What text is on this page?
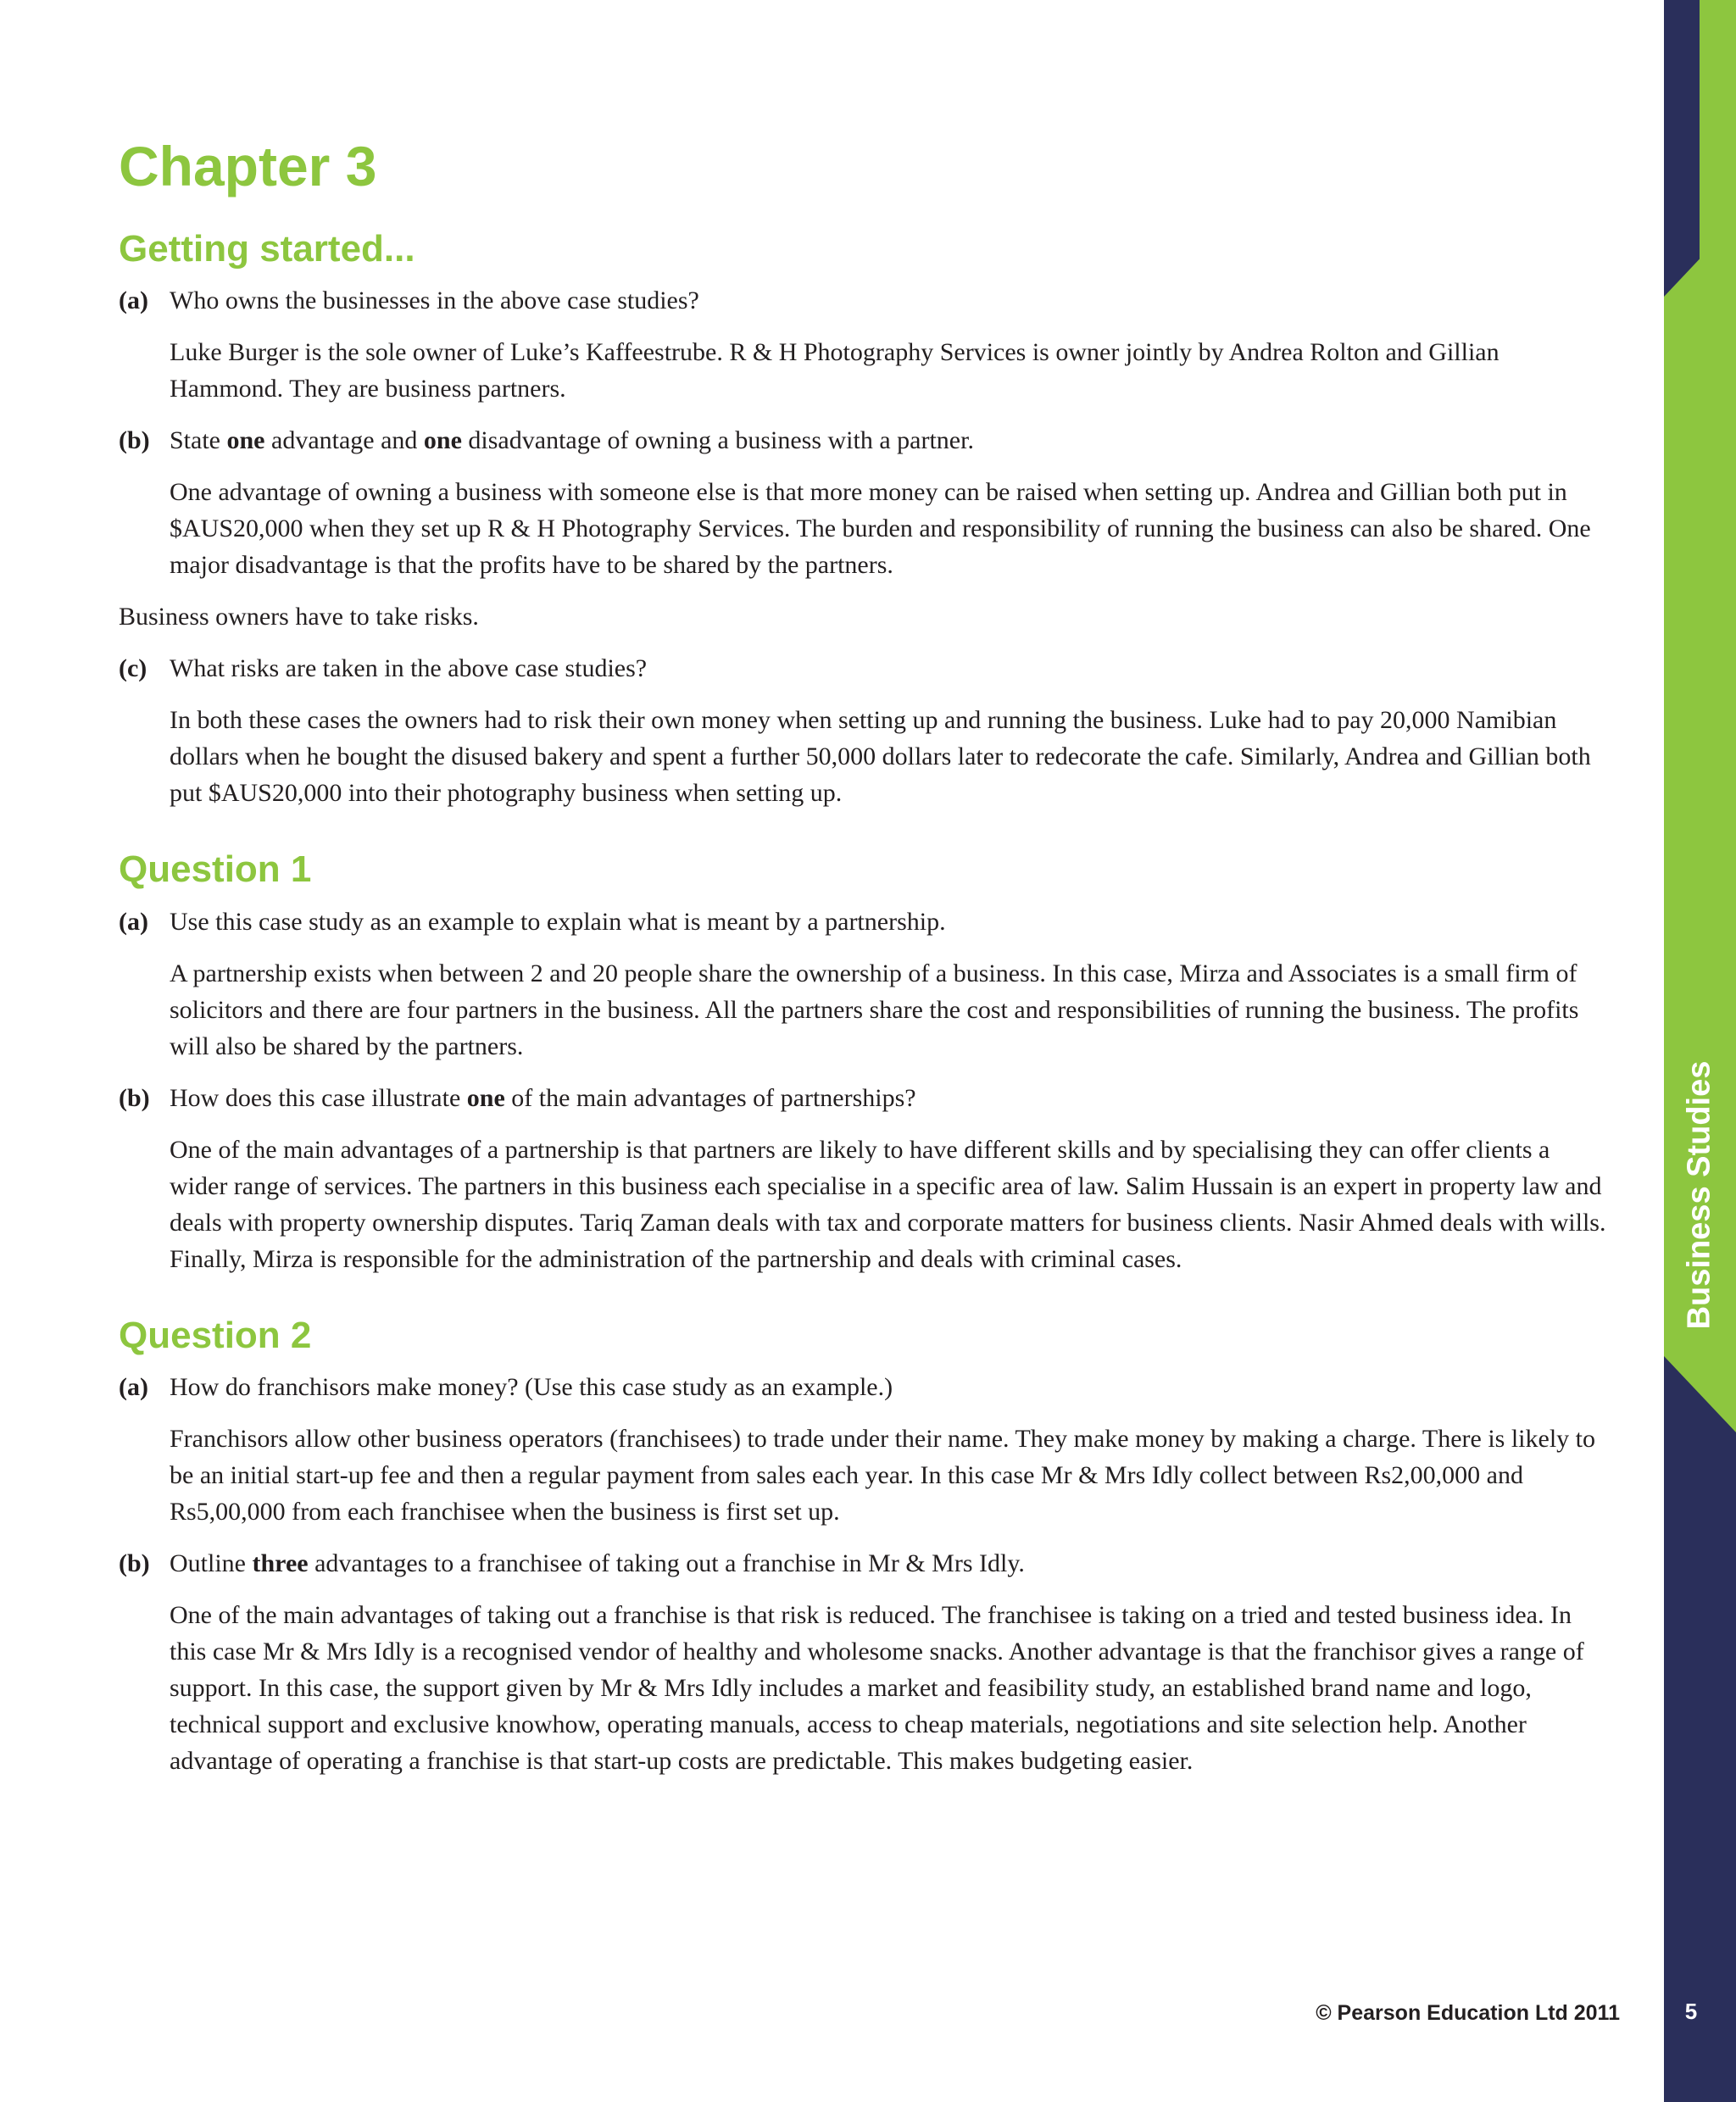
Business Studies
5
© Pearson Education Ltd 2011
Chapter 3
Getting started...
(a) Who owns the businesses in the above case studies?

Luke Burger is the sole owner of Luke’s Kaffeestrube. R & H Photography Services is owner jointly by Andrea Rolton and Gillian Hammond. They are business partners.

(b) State one advantage and one disadvantage of owning a business with a partner.

One advantage of owning a business with someone else is that more money can be raised when setting up. Andrea and Gillian both put in $AUS20,000 when they set up R & H Photography Services. The burden and responsibility of running the business can also be shared. One major disadvantage is that the profits have to be shared by the partners.

Business owners have to take risks.

(c) What risks are taken in the above case studies?

In both these cases the owners had to risk their own money when setting up and running the business. Luke had to pay 20,000 Namibian dollars when he bought the disused bakery and spent a further 50,000 dollars later to redecorate the cafe. Similarly, Andrea and Gillian both put $AUS20,000 into their photography business when setting up.

Question 1
(a) Use this case study as an example to explain what is meant by a partnership.

A partnership exists when between 2 and 20 people share the ownership of a business. In this case, Mirza and Associates is a small firm of solicitors and there are four partners in the business. All the partners share the cost and responsibilities of running the business. The profits will also be shared by the partners.

(b) How does this case illustrate one of the main advantages of partnerships?

One of the main advantages of a partnership is that partners are likely to have different skills and by specialising they can offer clients a wider range of services. The partners in this business each specialise in a specific area of law. Salim Hussain is an expert in property law and deals with property ownership disputes. Tariq Zaman deals with tax and corporate matters for business clients. Nasir Ahmed deals with wills. Finally, Mirza is responsible for the administration of the partnership and deals with criminal cases.

Question 2
(a) How do franchisors make money? (Use this case study as an example.)

Franchisors allow other business operators (franchisees) to trade under their name. They make money by making a charge. There is likely to be an initial start-up fee and then a regular payment from sales each year. In this case Mr & Mrs Idly collect between Rs2,00,000 and Rs5,00,000 from each franchisee when the business is first set up.

(b) Outline three advantages to a franchisee of taking out a franchise in Mr & Mrs Idly.

One of the main advantages of taking out a franchise is that risk is reduced. The franchisee is taking on a tried and tested business idea. In this case Mr & Mrs Idly is a recognised vendor of healthy and wholesome snacks. Another advantage is that the franchisor gives a range of support. In this case, the support given by Mr & Mrs Idly includes a market and feasibility study, an established brand name and logo, technical support and exclusive knowhow, operating manuals, access to cheap materials, negotiations and site selection help. Another advantage of operating a franchise is that start-up costs are predictable. This makes budgeting easier.
